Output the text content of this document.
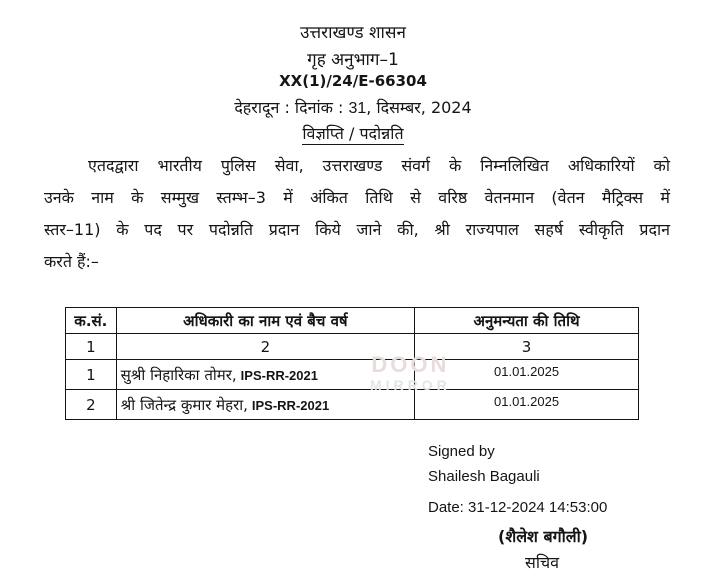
उत्तराखण्ड शासन
गृह अनुभाग–1
XX(1)/24/E-66304
देहरादून : दिनांक : 31, दिसम्बर, 2024
विज्ञप्ति / पदोन्नति
एतदद्वारा भारतीय पुलिस सेवा, उत्तराखण्ड संवर्ग के निम्नलिखित अधिकारियों को
उनके नाम के सम्मुख स्तम्भ–3 में अंकित तिथि से वरिष्ठ वेतनमान (वेतन मैट्रिक्स में
स्तर–11) के पद पर पदोन्नति प्रदान किये जाने की, श्री राज्यपाल सहर्ष स्वीकृति प्रदान
करते हैं:–
क.सं.	अधिकारी का नाम एवं बैच वर्ष	अनुमन्यता की तिथि
1	2	3
1	सुश्री निहारिका तोमर, IPS-RR-2021	01.01.2025
2	श्री जितेन्द्र कुमार मेहरा, IPS-RR-2021	01.01.2025
DOON
MIRROR
Signed by
Shailesh Bagauli
Date: 31-12-2024 14:53:00
(शैलेश बगौली)
सचिव
